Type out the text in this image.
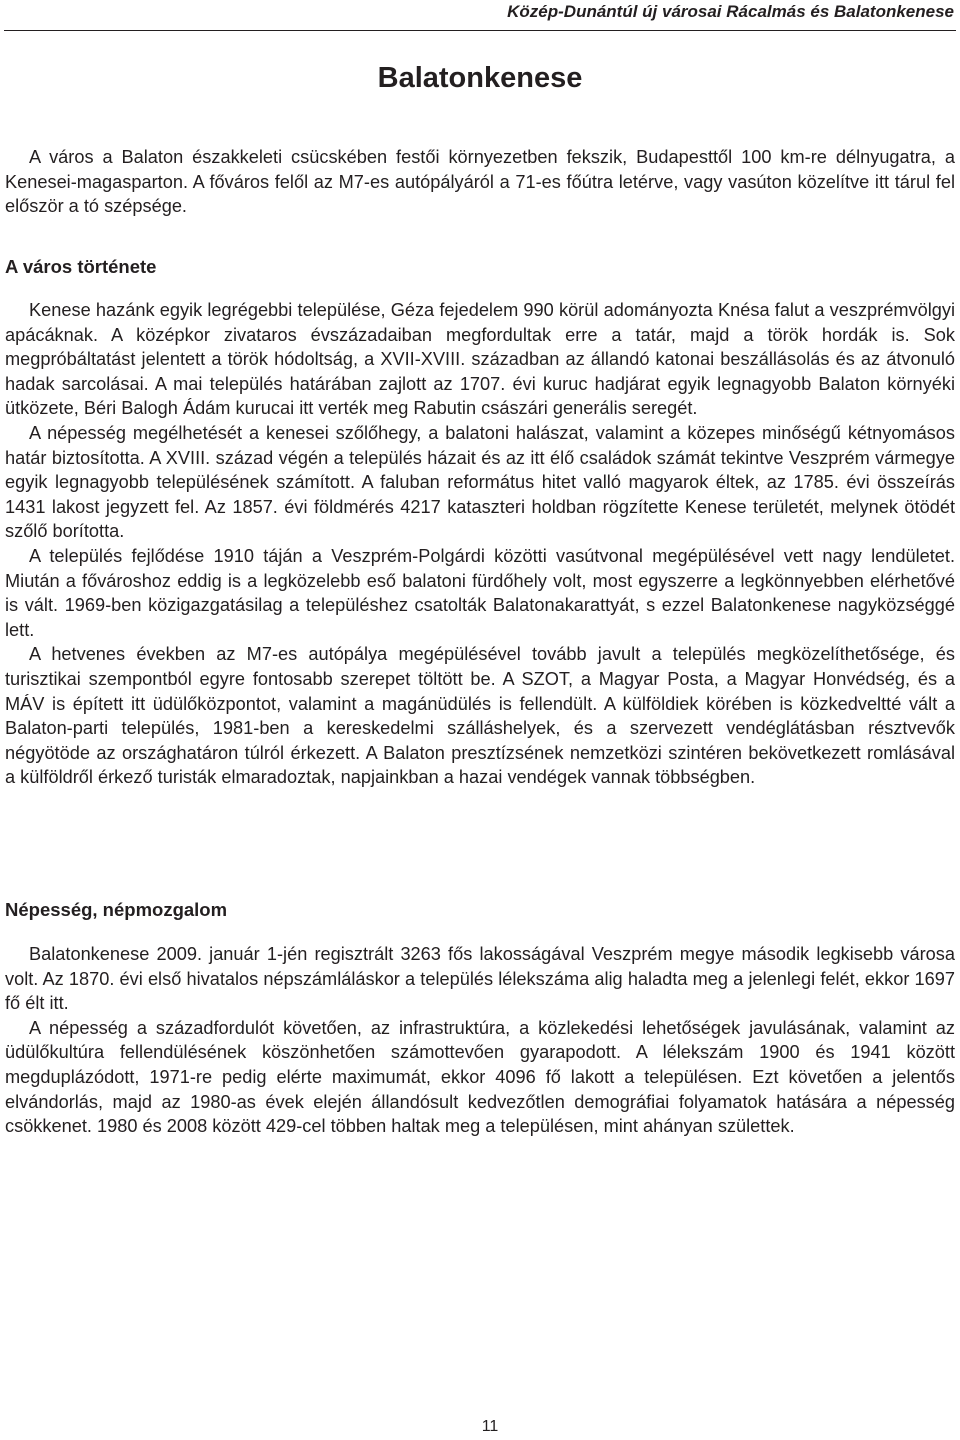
Közép-Dunántúl új városai Rácalmás és Balatonkenese
Balatonkenese

A város a Balaton északkeleti csücskében festői környezetben fekszik, Budapesttől 100 km-re délnyugatra, a Kenesei-magasparton. A főváros felől az M7-es autópályáról a 71-es főútra letérve, vagy vasúton közelítve itt tárul fel először a tó szépsége.

A város története

Kenese hazánk egyik legrégebbi települése, Géza fejedelem 990 körül adományozta Knésa falut a veszprémvölgyi apácáknak. A középkor zivataros évszázadaiban megfordultak erre a tatár, majd a török hordák is. Sok megpróbáltatást jelentett a török hódoltság, a XVII-XVIII. században az állandó katonai beszállásolás és az átvonuló hadak sarcolásai. A mai település határában zajlott az 1707. évi kuruc hadjárat egyik legnagyobb Balaton környéki ütközete, Béri Balogh Ádám kurucai itt verték meg Rabutin császári generális seregét.

A népesség megélhetését a kenesei szőlőhegy, a balatoni halászat, valamint a közepes minőségű kétnyomásos határ biztosította. A XVIII. század végén a település házait és az itt élő családok számát tekintve Veszprém vármegye egyik legnagyobb településének számított. A faluban református hitet valló magyarok éltek, az 1785. évi összeírás 1431 lakost jegyzett fel. Az 1857. évi földmérés 4217 kataszteri holdban rögzítette Kenese területét, melynek ötödét szőlő borította.

A település fejlődése 1910 táján a Veszprém-Polgárdi közötti vasútvonal megépülésével vett nagy lendületet. Miután a fővároshoz eddig is a legközelebb eső balatoni fürdőhely volt, most egyszerre a legkönnyebben elérhetővé is vált. 1969-ben közigazgatásilag a településhez csatolták Balatonakarattyát, s ezzel Balatonkenese nagyközséggé lett.

A hetvenes években az M7-es autópálya megépülésével tovább javult a település megközelíthetősége, és turisztikai szempontból egyre fontosabb szerepet töltött be. A SZOT, a Magyar Posta, a Magyar Honvédség, és a MÁV is épített itt üdülőközpontot, valamint a magánüdülés is fellendült. A külföldiek körében is közkedveltté vált a Balaton-parti település, 1981-ben a kereskedelmi szálláshelyek, és a szervezett vendéglátásban résztvevők négyötöde az országhatáron túlról érkezett. A Balaton presztízsének nemzetközi szintéren bekövetkezett romlásával a külföldről érkező turisták elmaradoztak, napjainkban a hazai vendégek vannak többségben.

Népesség, népmozgalom

Balatonkenese 2009. január 1-jén regisztrált 3263 fős lakosságával Veszprém megye második legkisebb városa volt. Az 1870. évi első hivatalos népszámláláskor a település lélekszáma alig haladta meg a jelenlegi felét, ekkor 1697 fő élt itt.

A népesség a századfordulót követően, az infrastruktúra, a közlekedési lehetőségek javulásának, valamint az üdülőkultúra fellendülésének köszönhetően számottevően gyarapodott. A lélekszám 1900 és 1941 között megduplázódott, 1971-re pedig elérte maximumát, ekkor 4096 fő lakott a településen. Ezt követően a jelentős elvándorlás, majd az 1980-as évek elején állandósult kedvezőtlen demográfiai folyamatok hatására a népesség csökkenet. 1980 és 2008 között 429-cel többen haltak meg a településen, mint ahányan születtek.

11
